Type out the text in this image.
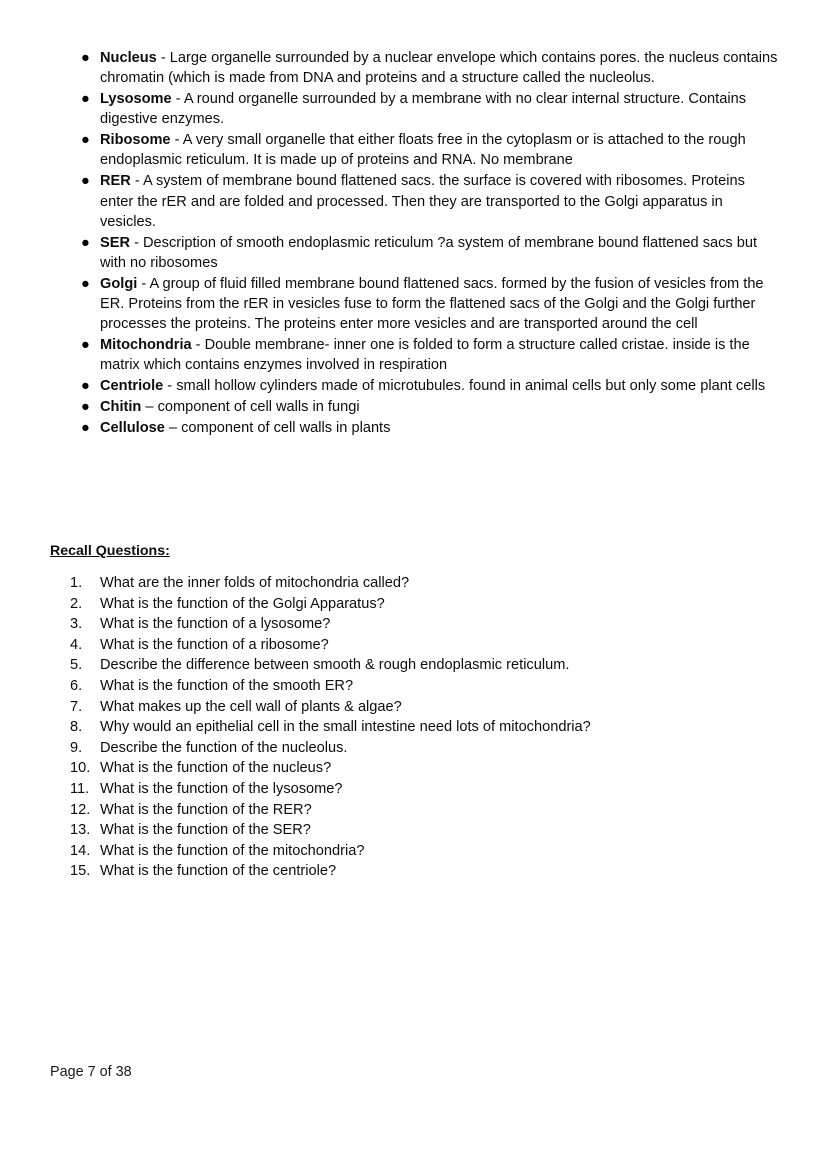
● Nucleus - Large organelle surrounded by a nuclear envelope which contains pores. the nucleus contains chromatin (which is made from DNA and proteins and a structure called the nucleolus.
● Lysosome - A round organelle surrounded by a membrane with no clear internal structure. Contains digestive enzymes.
● Ribosome - A very small organelle that either floats free in the cytoplasm or is attached to the rough endoplasmic reticulum. It is made up of proteins and RNA. No membrane
● RER - A system of membrane bound flattened sacs. the surface is covered with ribosomes. Proteins enter the rER and are folded and processed. Then they are transported to the Golgi apparatus in vesicles.
● SER - Description of smooth endoplasmic reticulum ?a system of membrane bound flattened sacs but with no ribosomes
● Golgi - A group of fluid filled membrane bound flattened sacs. formed by the fusion of vesicles from the ER. Proteins from the rER in vesicles fuse to form the flattened sacs of the Golgi and the Golgi further processes the proteins. The proteins enter more vesicles and are transported around the cell
● Mitochondria - Double membrane- inner one is folded to form a structure called cristae. inside is the matrix which contains enzymes involved in respiration
● Centriole - small hollow cylinders made of microtubules. found in animal cells but only some plant cells
● Chitin – component of cell walls in fungi
● Cellulose – component of cell walls in plants
Recall Questions:
1.	What are the inner folds of mitochondria called?
2.	What is the function of the Golgi Apparatus?
3.	What is the function of a lysosome?
4.	What is the function of a ribosome?
5.	Describe the difference between smooth & rough endoplasmic reticulum.
6.	What is the function of the smooth ER?
7.	What makes up the cell wall of plants & algae?
8.	Why would an epithelial cell in the small intestine need lots of mitochondria?
9.	Describe the function of the nucleolus.
10. What is the function of the nucleus?
11. What is the function of the lysosome?
12. What is the function of the RER?
13. What is the function of the SER?
14. What is the function of the mitochondria?
15. What is the function of the centriole?
Page 7 of 38
